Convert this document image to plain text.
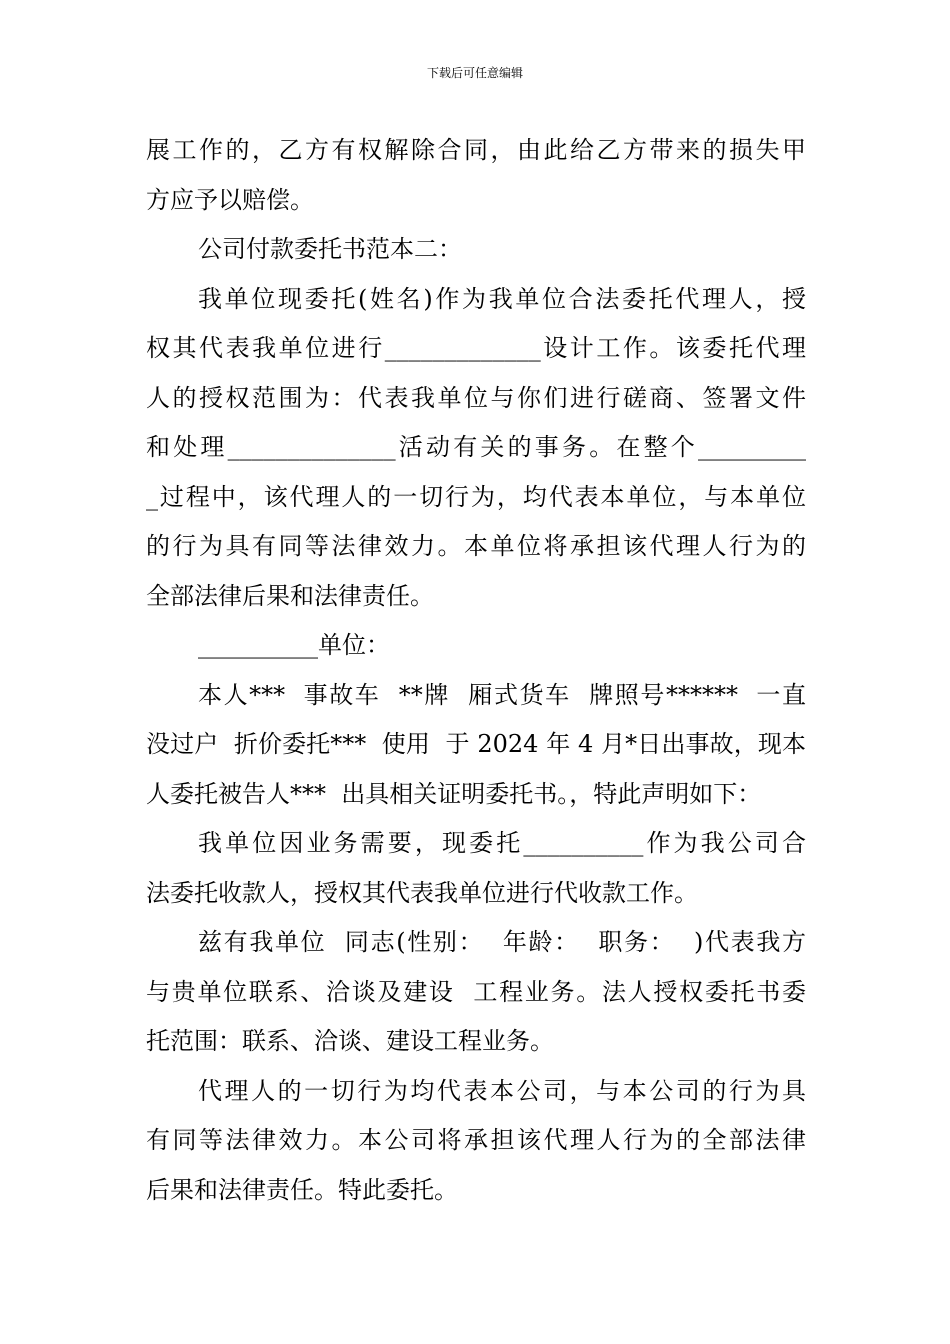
下载后可任意编辑
展工作的，乙方有权解除合同，由此给乙方带来的损失甲
方应予以赔偿。
公司付款委托书范本二：
我单位现委托(姓名)作为我单位合法委托代理人，授
权其代表我单位进行_____________设计工作。该委托代理
人的授权范围为：代表我单位与你们进行磋商、签署文件
和处理______________活动有关的事务。在整个_________
_过程中，该代理人的一切行为，均代表本单位，与本单位
的行为具有同等法律效力。本单位将承担该代理人行为的
全部法律后果和法律责任。
__________单位：
本人***  事故车  **牌  厢式货车  牌照号******  一直
没过户  折价委托***  使用  于 2024 年 4 月*日出事故，现本
人委托被告人***  出具相关证明委托书。，特此声明如下：
我单位因业务需要，现委托__________作为我公司合
法委托收款人，授权其代表我单位进行代收款工作。
兹有我单位  同志(性别：  年龄：  职务：  )代表我方
与贵单位联系、洽谈及建设  工程业务。法人授权委托书委
托范围：联系、洽谈、建设工程业务。
代理人的一切行为均代表本公司，与本公司的行为具
有同等法律效力。本公司将承担该代理人行为的全部法律
后果和法律责任。特此委托。
